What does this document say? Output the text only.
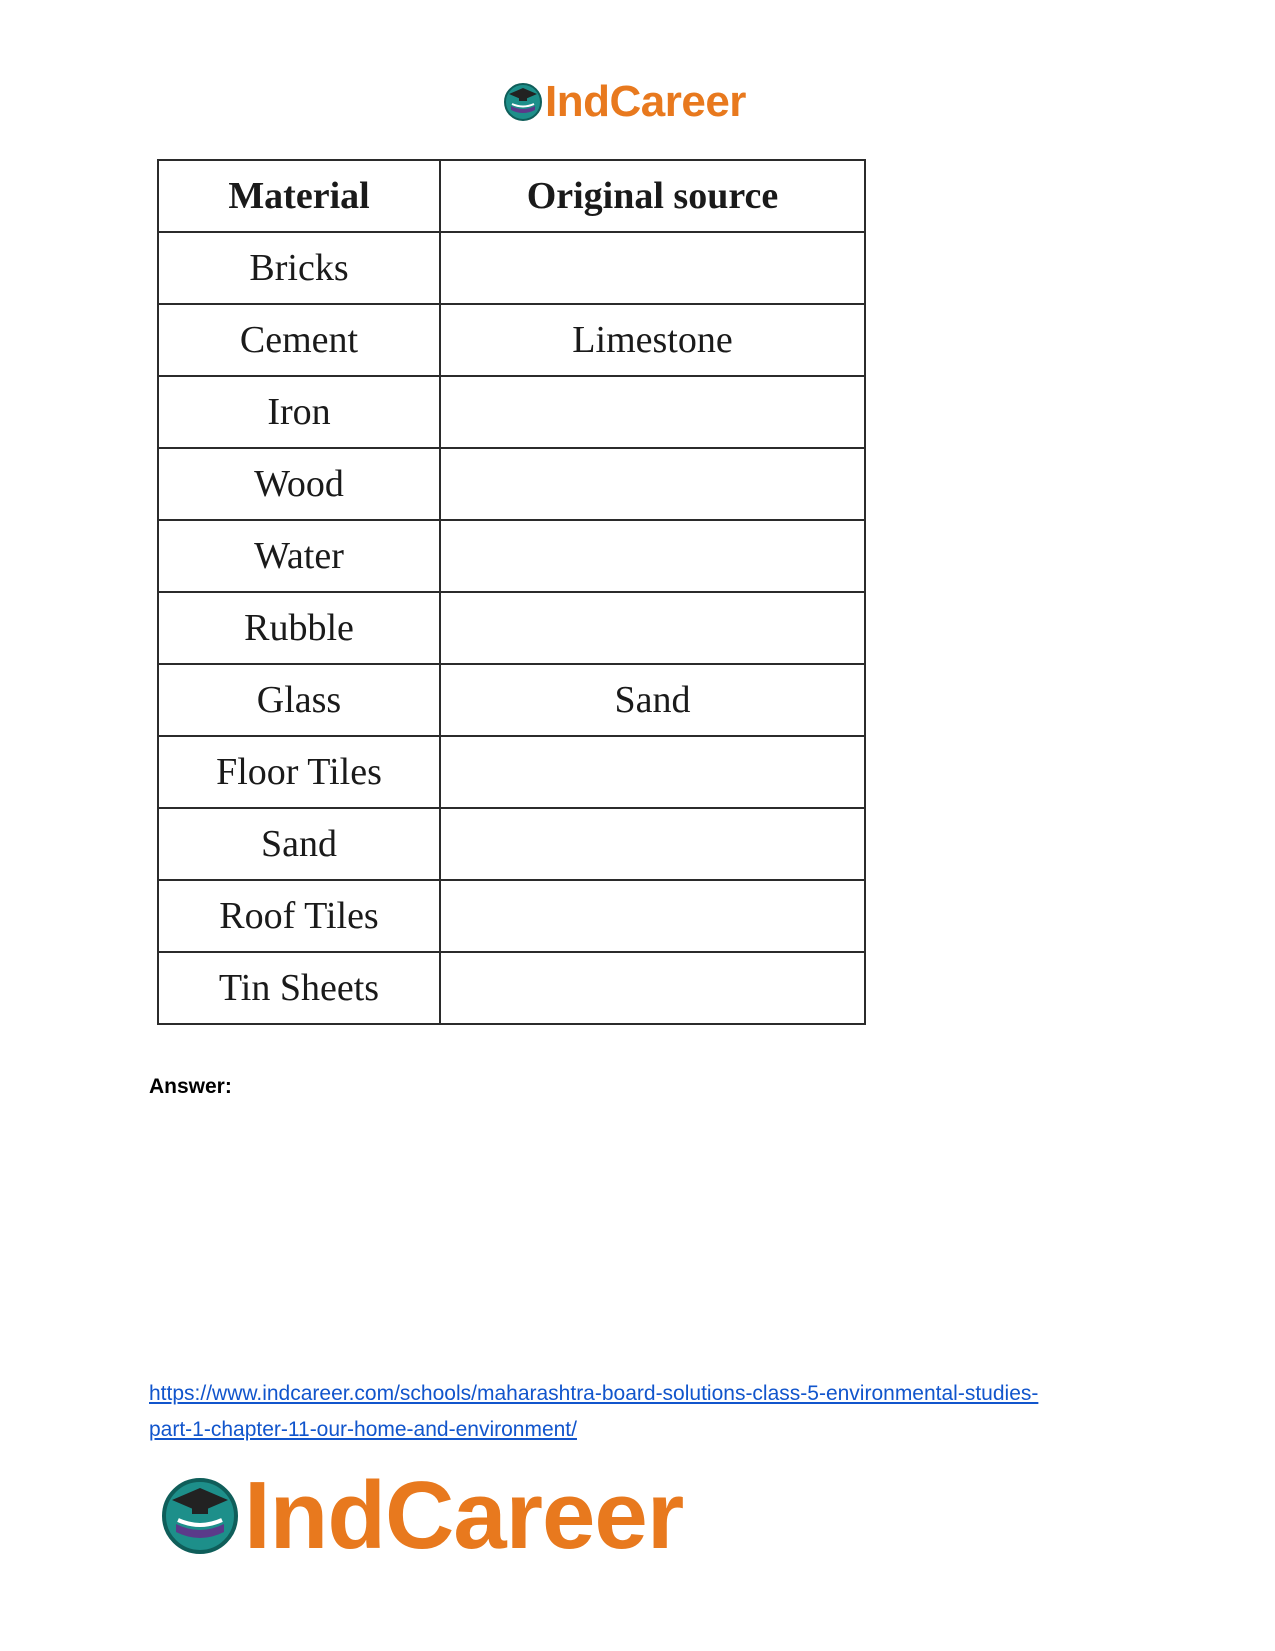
IndCareer
Material	Original source
Bricks	
Cement	Limestone
Iron	
Wood	
Water	
Rubble	
Glass	Sand
Floor Tiles	
Sand	
Roof Tiles	
Tin Sheets	
Answer:
https://www.indcareer.com/schools/maharashtra-board-solutions-class-5-environmental-studies-
part-1-chapter-11-our-home-and-environment/
IndCareer
